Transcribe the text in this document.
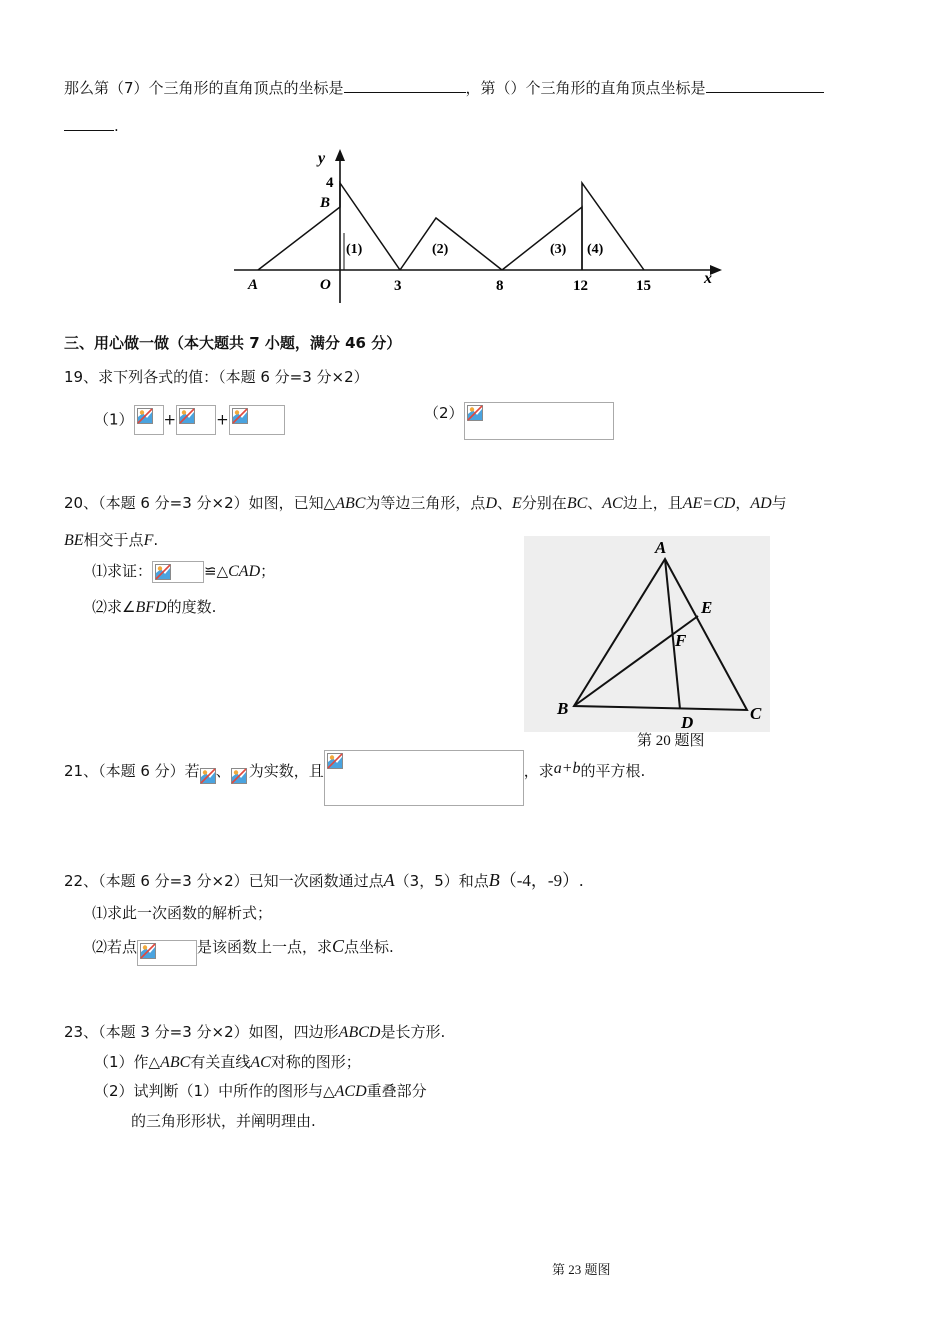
那么第（7）个三角形的直角顶点的坐标是	，第（）个三角形的直角顶点坐标是
.
y
x
4
B
A	O	3	8	12	15
(1)	(2)	(3) (4)
三、用心做一做（本大题共 7 小题，满分 46 分）
19、求下列各式的值：（本题 6 分=3 分×2）
（1） +	+	（2）
20、（本题 6 分=3 分×2）如图，已知△ABC为等边三角形，点D、E分别在BC、AC边上，且AE=CD，AD与
BE相交于点F.
⑴求证：	≌△CAD；
⑵求∠BFD的度数.
A
E
F
B
D	C
第 20 题图
21、（本题 6 分）若 、 为实数，且	，求a+b的平方根.
22、（本题 6 分=3 分×2）已知一次函数通过点A（3，5）和点B（-4，-9）.
⑴求此一次函数的解析式；
⑵若点	是该函数上一点，求C点坐标.
23、（本题 3 分=3 分×2）如图，四边形ABCD是长方形.
（1）作△ABC有关直线AC对称的图形；
（2）试判断（1）中所作的图形与△ACD重叠部分
的三角形形状，并阐明理由.
第 23 题图
